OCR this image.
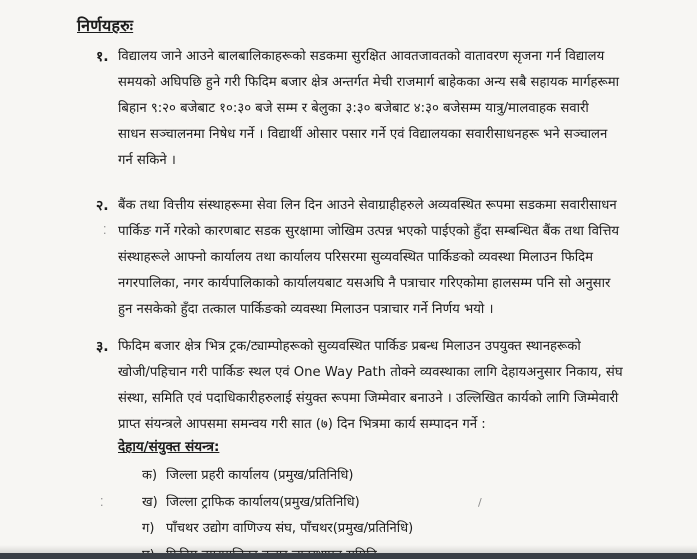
निर्णयहरुः
१. विद्यालय जाने आउने बालबालिकाहरूको सडकमा सुरक्षित आवतजावतको वातावरण सृजना गर्न विद्यालय
समयको अघिपछि हुने गरी फिदिम बजार क्षेत्र अन्तर्गत मेची राजमार्ग बाहेकका अन्य सबै सहायक मार्गहरूमा
बिहान ९:२० बजेबाट १०:३० बजे सम्म र बेलुका ३:३० बजेबाट ४:३० बजेसम्म यात्रु/मालवाहक सवारी
साधन सञ्चालनमा निषेध गर्ने । विद्यार्थी ओसार पसार गर्ने एवं विद्यालयका सवारीसाधनहरू भने सञ्चालन
गर्न सकिने ।

२. बैंक तथा वित्तीय संस्थाहरूमा सेवा लिन दिन आउने सेवाग्राहीहरुले अव्यवस्थित रूपमा सडकमा सवारीसाधन
पार्किङ गर्ने गरेको कारणबाट सडक सुरक्षामा जोखिम उत्पन्न भएको पाईएको हुँदा सम्बन्धित बैंक तथा वित्तिय
संस्थाहरूले आफ्नो कार्यालय तथा कार्यालय परिसरमा सुव्यवस्थित पार्किङको व्यवस्था मिलाउन फिदिम
नगरपालिका, नगर कार्यपालिकाको कार्यालयबाट यसअघि नै पत्राचार गरिएकोमा हालसम्म पनि सो अनुसार
हुन नसकेको हुँदा तत्काल पार्किङको व्यवस्था मिलाउन पत्राचार गर्ने निर्णय भयो ।

३. फिदिम बजार क्षेत्र भित्र ट्रक/ट्याम्पोहरूको सुव्यवस्थित पार्किङ प्रबन्ध मिलाउन उपयुक्त स्थानहरूको
खोजी/पहिचान गरी पार्किङ स्थल एवं One Way Path तोक्ने व्यवस्थाका लागि देहायअनुसार निकाय, संघ
संस्था, समिति एवं पदाधिकारीहरुलाई संयुक्त रूपमा जिम्मेवार बनाउने । उल्लिखित कार्यको लागि जिम्मेवारी
प्राप्त संयन्त्रले आपसमा समन्वय गरी सात (७) दिन भित्रमा कार्य सम्पादन गर्ने :

देहाय/संयुक्त संयन्त्र:
क) जिल्ला प्रहरी कार्यालय (प्रमुख/प्रतिनिधि)
ख) जिल्ला ट्राफिक कार्यालय(प्रमुख/प्रतिनिधि)
ग) पाँचथर उद्योग वाणिज्य संघ, पाँचथर(प्रमुख/प्रतिनिधि)
⁚
⁚
/
